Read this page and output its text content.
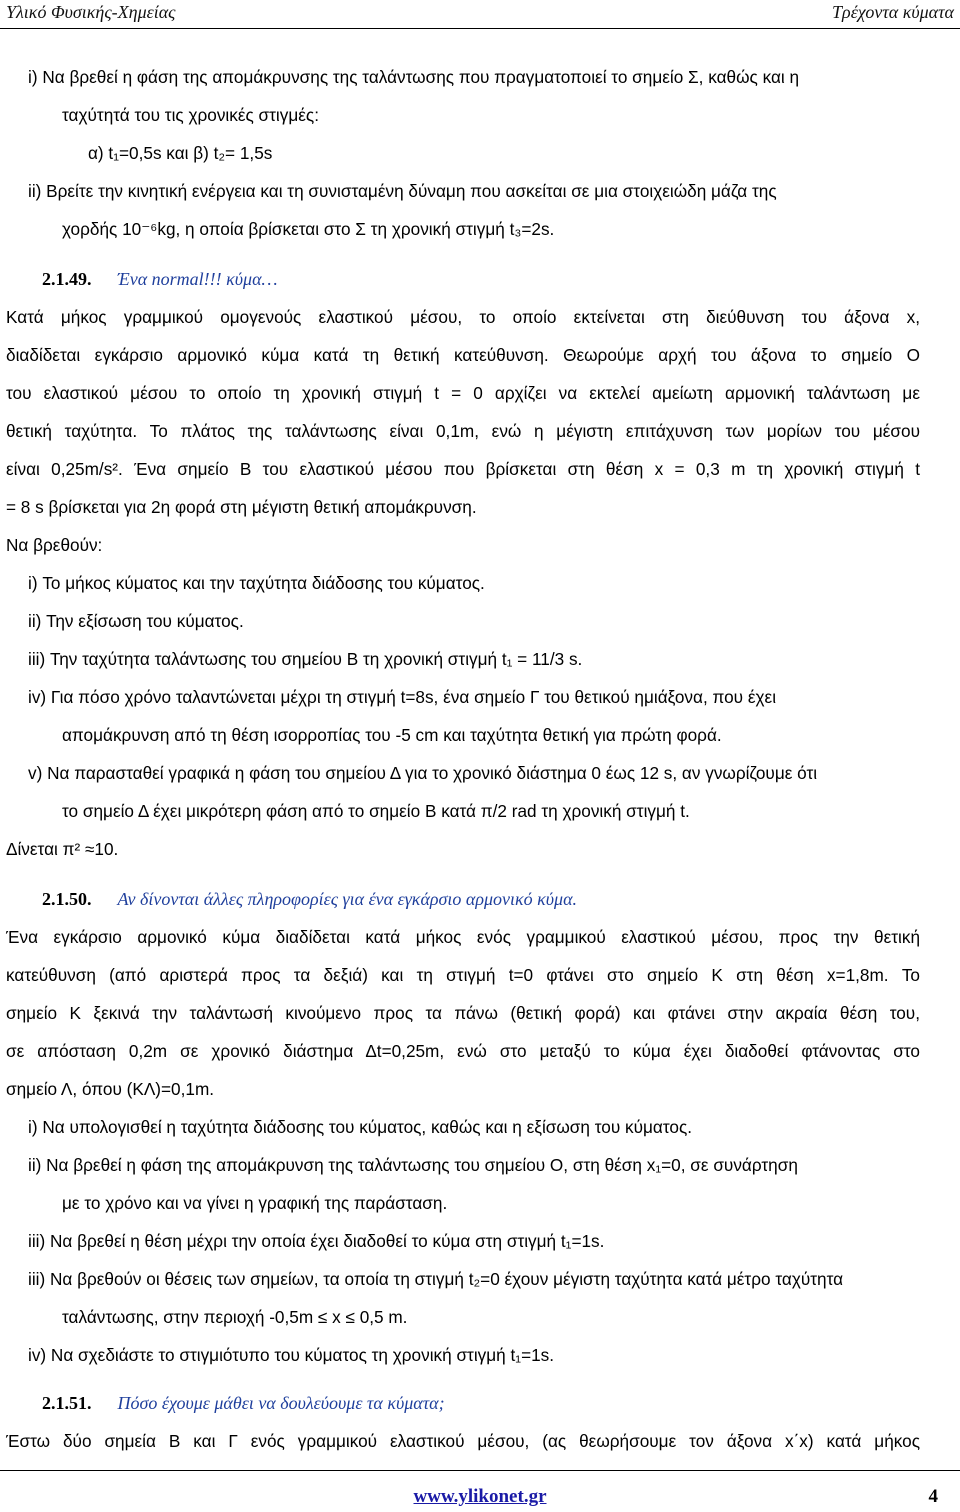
Υλικό Φυσικής-Χημείας	Τρέχοντα κύματα
i) Να βρεθεί η φάση της απομάκρυνσης της ταλάντωσης που πραγματοποιεί το σημείο Σ, καθώς και η
ταχύτητά του τις χρονικές στιγμές:
α) t₁=0,5s και β) t₂= 1,5s
ii) Βρείτε την κινητική ενέργεια και τη συνισταμένη δύναμη που ασκείται σε μια στοιχειώδη μάζα της
χορδής 10⁻⁶kg, η οποία βρίσκεται στο Σ τη χρονική στιγμή t₃=2s.
2.1.49. Ένα normal!!! κύμα…
Κατά μήκος γραμμικού ομογενούς ελαστικού μέσου, το οποίο εκτείνεται στη διεύθυνση του άξονα x,
διαδίδεται εγκάρσιο αρμονικό κύμα κατά τη θετική κατεύθυνση. Θεωρούμε αρχή του άξονα το σημείο O
του ελαστικού μέσου το οποίο τη χρονική στιγμή t = 0 αρχίζει να εκτελεί αμείωτη αρμονική ταλάντωση με
θετική ταχύτητα. Το πλάτος της ταλάντωσης είναι 0,1m, ενώ η μέγιστη επιτάχυνση των μορίων του μέσου
είναι 0,25m/s². Ένα σημείο B του ελαστικού μέσου που βρίσκεται στη θέση x = 0,3 m τη χρονική στιγμή t
= 8 s βρίσκεται για 2η φορά στη μέγιστη θετική απομάκρυνση.
Να βρεθούν:
i) Το μήκος κύματος και την ταχύτητα διάδοσης του κύματος.
ii) Την εξίσωση του κύματος.
iii) Την ταχύτητα ταλάντωσης του σημείου B τη χρονική στιγμή t₁ = 11/3 s.
iv) Για πόσο χρόνο ταλαντώνεται μέχρι τη στιγμή t=8s, ένα σημείο Γ του θετικού ημιάξονα, που έχει
απομάκρυνση από τη θέση ισορροπίας του -5 cm και ταχύτητα θετική για πρώτη φορά.
v) Να παρασταθεί γραφικά η φάση του σημείου Δ για το χρονικό διάστημα 0 έως 12 s, αν γνωρίζουμε ότι
το σημείο Δ έχει μικρότερη φάση από το σημείο B κατά π/2 rad τη χρονική στιγμή t.
Δίνεται π² ≈10.
2.1.50. Αν δίνονται άλλες πληροφορίες για ένα εγκάρσιο αρμονικό κύμα.
Ένα εγκάρσιο αρμονικό κύμα διαδίδεται κατά μήκος ενός γραμμικού ελαστικού μέσου, προς την θετική
κατεύθυνση (από αριστερά προς τα δεξιά) και τη στιγμή t=0 φτάνει στο σημείο Κ στη θέση x=1,8m. Το
σημείο Κ ξεκινά την ταλάντωσή κινούμενο προς τα πάνω (θετική φορά) και φτάνει στην ακραία θέση του,
σε απόσταση 0,2m σε χρονικό διάστημα Δt=0,25m, ενώ στο μεταξύ το κύμα έχει διαδοθεί φτάνοντας στο
σημείο Λ, όπου (ΚΛ)=0,1m.
i) Να υπολογισθεί η ταχύτητα διάδοσης του κύματος, καθώς και η εξίσωση του κύματος.
ii) Να βρεθεί η φάση της απομάκρυνση της ταλάντωσης του σημείου O, στη θέση x₁=0, σε συνάρτηση
με το χρόνο και να γίνει η γραφική της παράσταση.
iii) Να βρεθεί η θέση μέχρι την οποία έχει διαδοθεί το κύμα στη στιγμή t₁=1s.
iii) Να βρεθούν οι θέσεις των σημείων, τα οποία τη στιγμή t₂=0 έχουν μέγιστη ταχύτητα κατά μέτρο ταχύτητα
ταλάντωσης, στην περιοχή -0,5m ≤ x ≤ 0,5 m.
iv) Να σχεδιάστε το στιγμιότυπο του κύματος τη χρονική στιγμή t₁=1s.
2.1.51. Πόσο έχουμε μάθει να δουλεύουμε τα κύματα;
Έστω δύο σημεία B και Γ ενός γραμμικού ελαστικού μέσου, (ας θεωρήσουμε τον άξονα x΄x) κατά μήκος
www.ylikonet.gr	4
